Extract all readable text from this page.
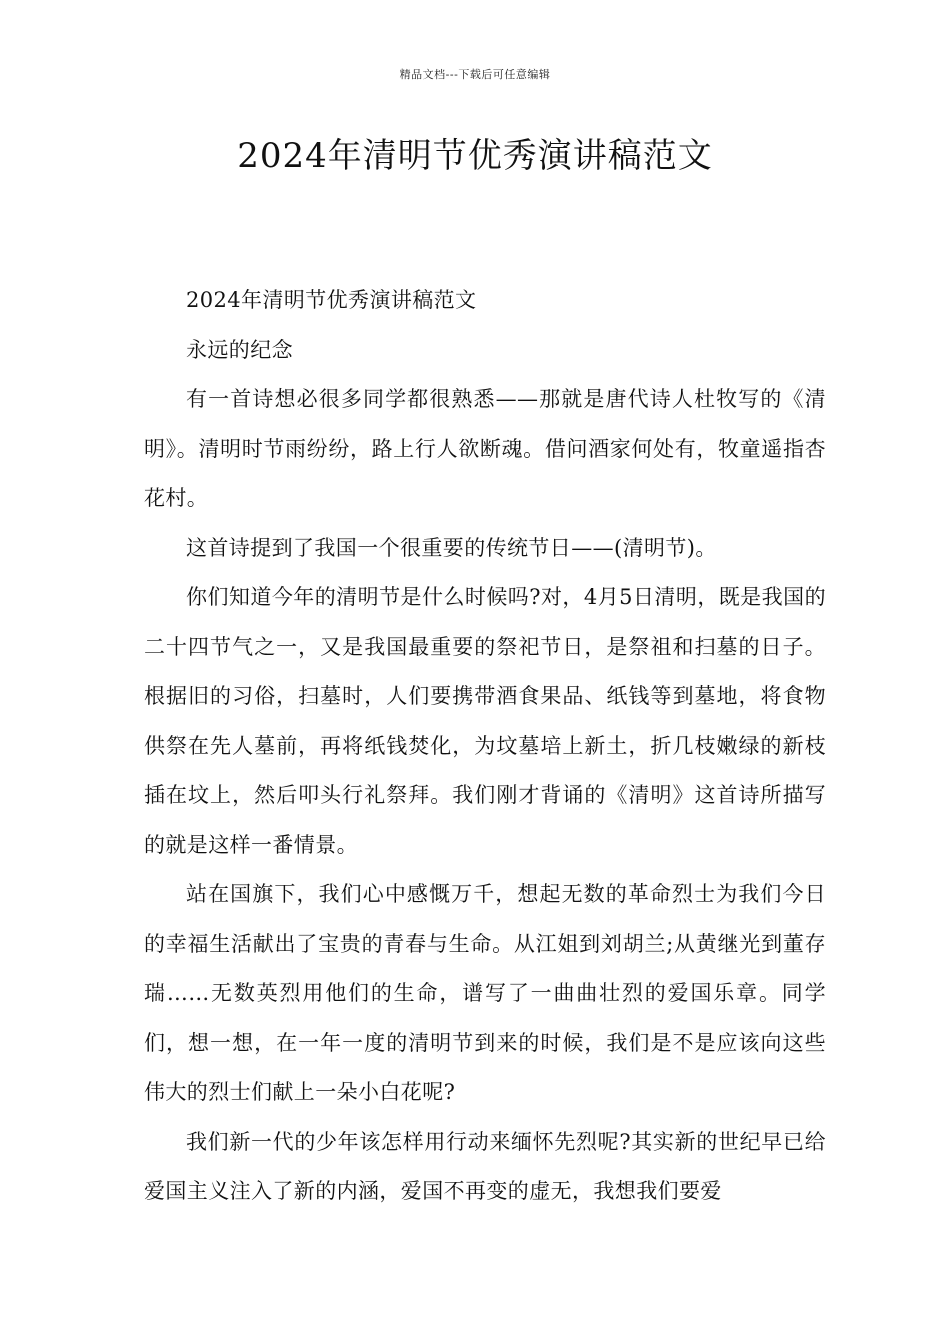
精品文档---下载后可任意编辑
2024年清明节优秀演讲稿范文

2024年清明节优秀演讲稿范文

永远的纪念

有一首诗想必很多同学都很熟悉——那就是唐代诗人杜牧写的《清明》。清明时节雨纷纷，路上行人欲断魂。借问酒家何处有，牧童遥指杏花村。

这首诗提到了我国一个很重要的传统节日——(清明节)。

你们知道今年的清明节是什么时候吗?对，4月5日清明，既是我国的二十四节气之一，又是我国最重要的祭祀节日，是祭祖和扫墓的日子。根据旧的习俗，扫墓时，人们要携带酒食果品、纸钱等到墓地，将食物供祭在先人墓前，再将纸钱焚化，为坟墓培上新土，折几枝嫩绿的新枝插在坟上，然后叩头行礼祭拜。我们刚才背诵的《清明》这首诗所描写的就是这样一番情景。

站在国旗下，我们心中感慨万千，想起无数的革命烈士为我们今日的幸福生活献出了宝贵的青春与生命。从江姐到刘胡兰;从黄继光到董存瑞……无数英烈用他们的生命，谱写了一曲曲壮烈的爱国乐章。同学们，想一想，在一年一度的清明节到来的时候，我们是不是应该向这些伟大的烈士们献上一朵小白花呢?

我们新一代的少年该怎样用行动来缅怀先烈呢?其实新的世纪早已给爱国主义注入了新的内涵，爱国不再变的虚无，我想我们要爱
